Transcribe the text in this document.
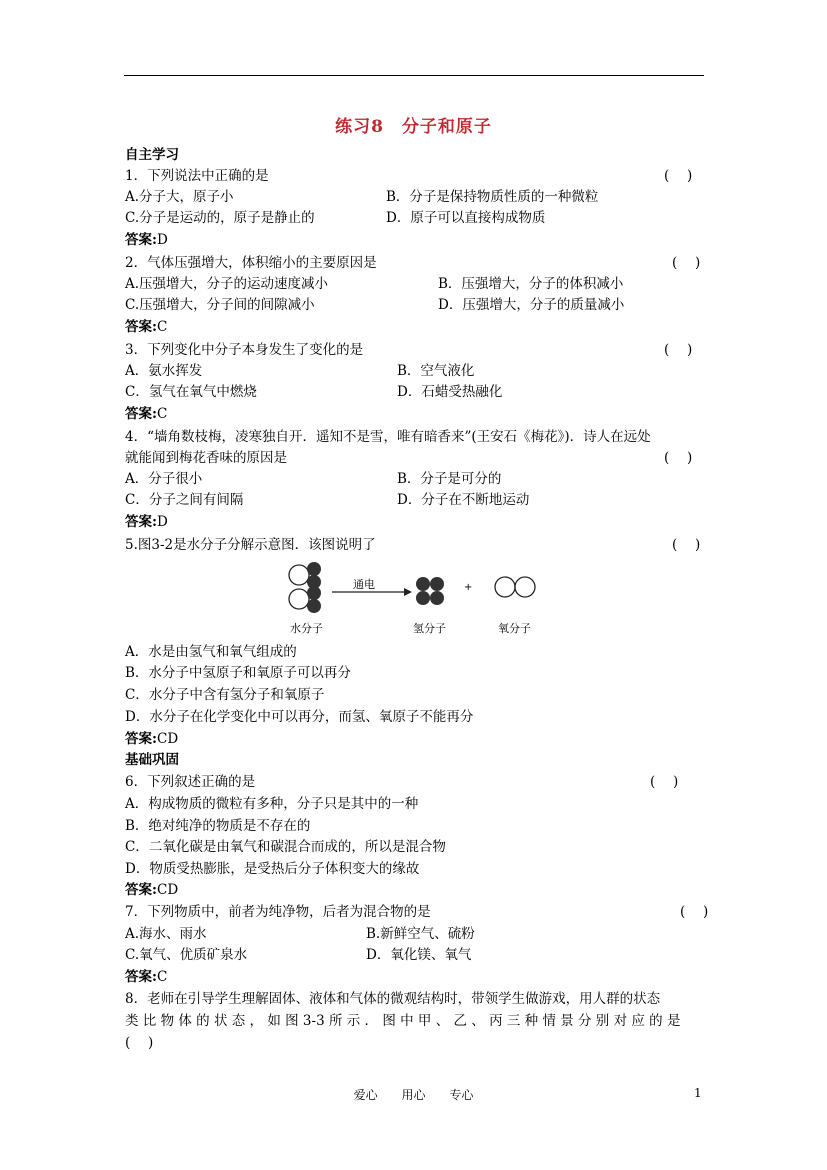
练习8　分子和原子
自主学习
1．下列说法中正确的是	(　 )
A.分子大，原子小	B．分子是保持物质性质的一种微粒
C.分子是运动的，原子是静止的	D．原子可以直接构成物质
答案:D
2．气体压强增大，体积缩小的主要原因是	(　 )
A.压强增大，分子的运动速度减小	B．压强增大，分子的体积减小
C.压强增大，分子间的间隙减小	D．压强增大，分子的质量减小
答案:C
3．下列变化中分子本身发生了变化的是	(　 )
A．氨水挥发	B．空气液化
C．氢气在氧气中燃烧	D．石蜡受热融化
答案:C
4．“墙角数枝梅，凌寒独自开．遥知不是雪，唯有暗香来”(王安石《梅花》)．诗人在远处
就能闻到梅花香味的原因是	(　 )
A．分子很小	B．分子是可分的
C．分子之间有间隔	D．分子在不断地运动
答案:D
5.图3-2是水分子分解示意图．该图说明了	(　 )
通电	+
水分子	氢分子	氧分子
A．水是由氢气和氧气组成的
B．水分子中氢原子和氧原子可以再分
C．水分子中含有氢分子和氧原子
D．水分子在化学变化中可以再分，而氢、氧原子不能再分
答案:CD
基础巩固
6．下列叙述正确的是	(　 )
A．构成物质的微粒有多种，分子只是其中的一种
B．绝对纯净的物质是不存在的
C．二氧化碳是由氧气和碳混合而成的，所以是混合物
D．物质受热膨胀，是受热后分子体积变大的缘故
答案:CD
7．下列物质中，前者为纯净物，后者为混合物的是	(　 )
A.海水、雨水	B.新鲜空气、硫粉
C.氧气、优质矿泉水	D．氧化镁、氧气
答案:C
8．老师在引导学生理解固体、液体和气体的微观结构时，带领学生做游戏，用人群的状态
类 比 物 体 的 状 态 ， 如 图 3-3 所 示 ． 图 中 甲 、 乙 、 丙 三 种 情 景 分 别 对 应 的 是
(　 )
爱心 用心 专心	1
